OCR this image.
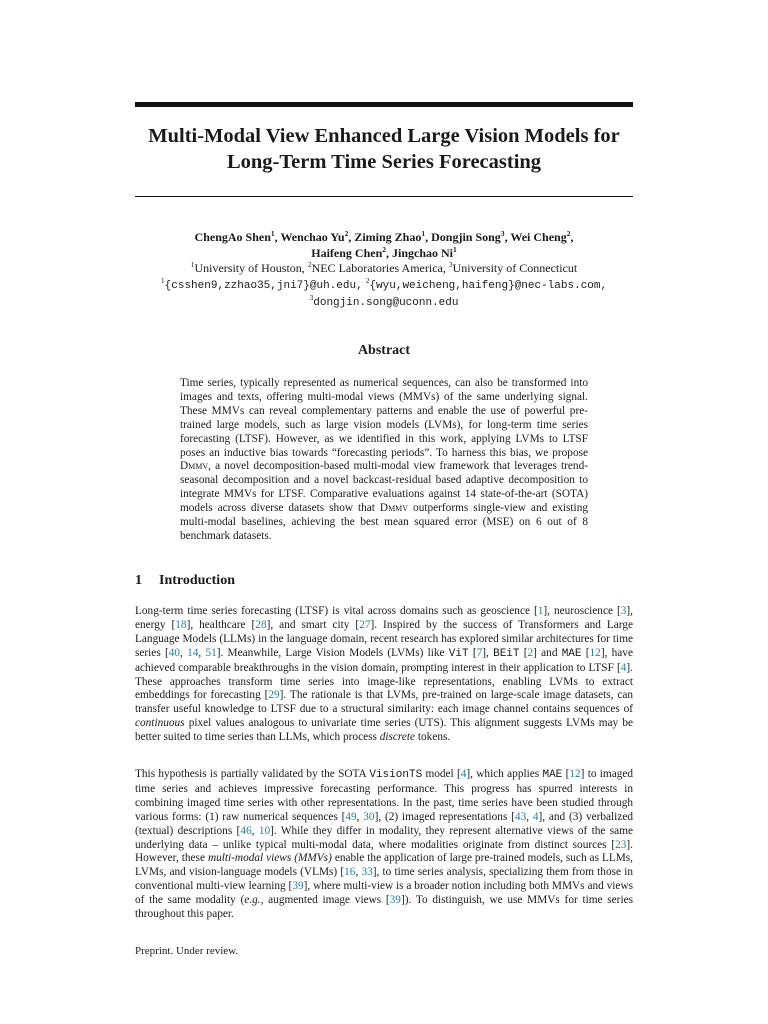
Multi-Modal View Enhanced Large Vision Models for
Long-Term Time Series Forecasting
ChengAo Shen$^1$, Wenchao Yu$^2$, Ziming Zhao$^1$, Dongjin Song$^3$, Wei Cheng$^2$,
Haifeng Chen$^2$, Jingchao Ni$^1$
$^1$University of Houston, $^2$NEC Laboratories America, $^3$University of Connecticut
$^1${csshen9,zzhao35,jni7}@uh.edu, $^2${wyu,weicheng,haifeng}@nec-labs.com,
$^3$dongjin.song@uconn.edu
Abstract
Time series, typically represented as numerical sequences, can also be transformed into images and texts, offering multi-modal views (MMVs) of the same underlying signal. These MMVs can reveal complementary patterns and enable the use of powerful pre-trained large models, such as large vision models (LVMs), for long-term time series forecasting (LTSF). However, as we identified in this work, applying LVMs to LTSF poses an inductive bias towards “forecasting periods”. To harness this bias, we propose Dmmv, a novel decomposition-based multi-modal view framework that leverages trend-seasonal decomposition and a novel backcast-residual based adaptive decomposition to integrate MMVs for LTSF. Comparative evaluations against 14 state-of-the-art (SOTA) models across diverse datasets show that Dmmv outperforms single-view and existing multi-modal baselines, achieving the best mean squared error (MSE) on 6 out of 8 benchmark datasets.
1 Introduction
Long-term time series forecasting (LTSF) is vital across domains such as geoscience [1], neuroscience [3], energy [18], healthcare [28], and smart city [27]. Inspired by the success of Transformers and Large Language Models (LLMs) in the language domain, recent research has explored similar architectures for time series [40, 14, 51]. Meanwhile, Large Vision Models (LVMs) like ViT [7], BEiT [2] and MAE [12], have achieved comparable breakthroughs in the vision domain, prompting interest in their application to LTSF [4]. These approaches transform time series into image-like representations, enabling LVMs to extract embeddings for forecasting [29]. The rationale is that LVMs, pre-trained on large-scale image datasets, can transfer useful knowledge to LTSF due to a structural similarity: each image channel contains sequences of continuous pixel values analogous to univariate time series (UTS). This alignment suggests LVMs may be better suited to time series than LLMs, which process discrete tokens.
This hypothesis is partially validated by the SOTA VisionTS model [4], which applies MAE [12] to imaged time series and achieves impressive forecasting performance. This progress has spurred interests in combining imaged time series with other representations. In the past, time series have been studied through various forms: (1) raw numerical sequences [49, 30], (2) imaged representations [43, 4], and (3) verbalized (textual) descriptions [46, 10]. While they differ in modality, they represent alternative views of the same underlying data – unlike typical multi-modal data, where modalities originate from distinct sources [23]. However, these multi-modal views (MMVs) enable the application of large pre-trained models, such as LLMs, LVMs, and vision-language models (VLMs) [16, 33], to time series analysis, specializing them from those in conventional multi-view learning [39], where multi-view is a broader notion including both MMVs and views of the same modality (e.g., augmented image views [39]). To distinguish, we use MMVs for time series throughout this paper.
Preprint. Under review.
